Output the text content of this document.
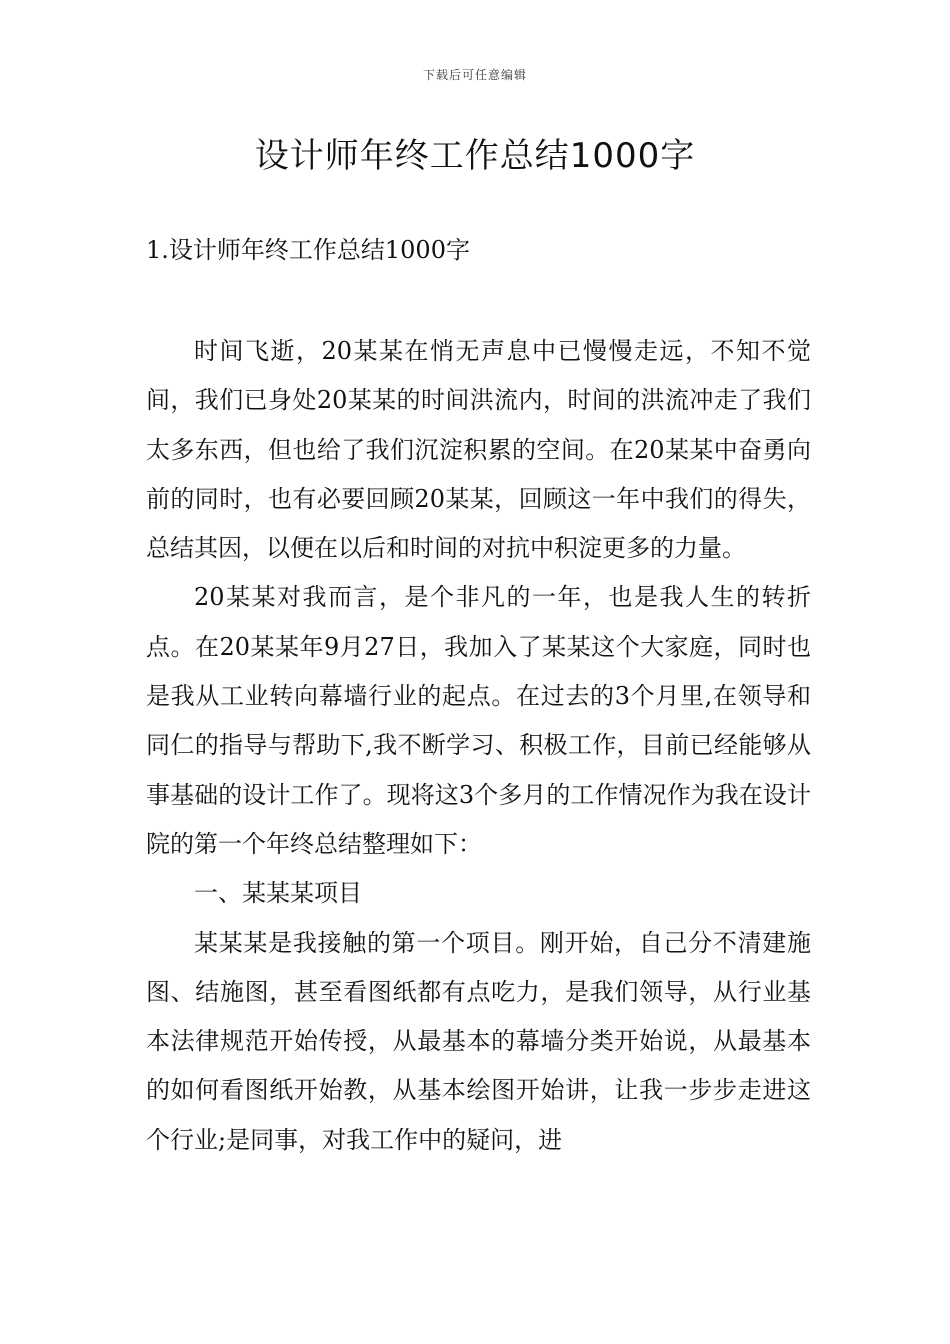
下载后可任意编辑
设计师年终工作总结1000字
1.设计师年终工作总结1000字

时间飞逝，20某某在悄无声息中已慢慢走远，不知不觉间，我们已身处20某某的时间洪流内，时间的洪流冲走了我们太多东西，但也给了我们沉淀积累的空间。在20某某中奋勇向前的同时，也有必要回顾20某某，回顾这一年中我们的得失，总结其因，以便在以后和时间的对抗中积淀更多的力量。

20某某对我而言，是个非凡的一年，也是我人生的转折点。在20某某年9月27日，我加入了某某这个大家庭，同时也是我从工业转向幕墙行业的起点。在过去的3个月里,在领导和同仁的指导与帮助下,我不断学习、积极工作，目前已经能够从事基础的设计工作了。现将这3个多月的工作情况作为我在设计院的第一个年终总结整理如下：

一、某某某项目

某某某是我接触的第一个项目。刚开始，自己分不清建施图、结施图，甚至看图纸都有点吃力，是我们领导，从行业基本法律规范开始传授，从最基本的幕墙分类开始说，从最基本的如何看图纸开始教，从基本绘图开始讲，让我一步步走进这个行业;是同事，对我工作中的疑问，进
